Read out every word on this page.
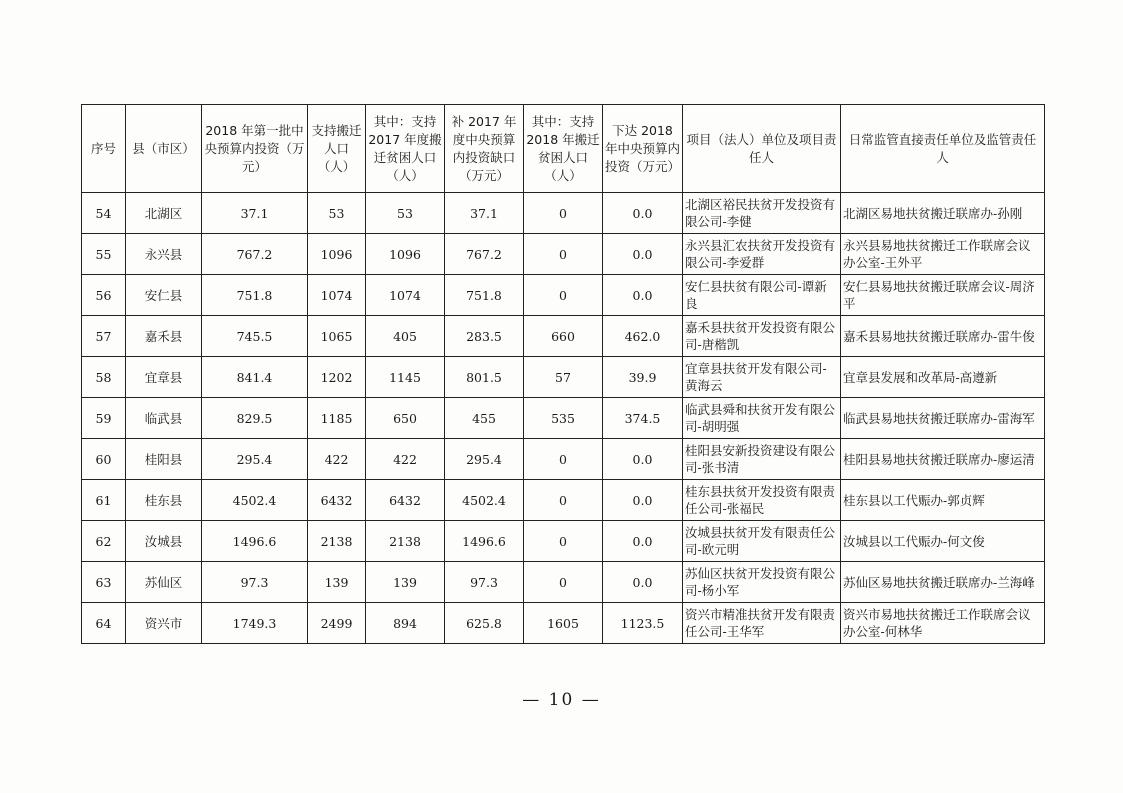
序号	县（市区）	2018 年第一批中央预算内投资（万元）	支持搬迁人口（人）	其中：支持2017 年度搬迁贫困人口（人）	补 2017 年度中央预算内投资缺口（万元）	其中：支持2018 年搬迁贫困人口（人）	下达 2018 年中央预算内投资（万元）	项目（法人）单位及项目责任人	日常监管直接责任单位及监管责任人
54	北湖区	37.1	53	53	37.1	0	0.0	北湖区裕民扶贫开发投资有限公司-李健	北湖区易地扶贫搬迁联席办-孙刚
55	永兴县	767.2	1096	1096	767.2	0	0.0	永兴县汇农扶贫开发投资有限公司-李爱群	永兴县易地扶贫搬迁工作联席会议办公室-王外平
56	安仁县	751.8	1074	1074	751.8	0	0.0	安仁县扶贫有限公司-谭新良	安仁县易地扶贫搬迁联席会议-周济平
57	嘉禾县	745.5	1065	405	283.5	660	462.0	嘉禾县扶贫开发投资有限公司-唐楷凯	嘉禾县易地扶贫搬迁联席办-雷牛俊
58	宜章县	841.4	1202	1145	801.5	57	39.9	宜章县扶贫开发有限公司-黄海云	宜章县发展和改革局-高遵新
59	临武县	829.5	1185	650	455	535	374.5	临武县舜和扶贫开发有限公司-胡明强	临武县易地扶贫搬迁联席办-雷海军
60	桂阳县	295.4	422	422	295.4	0	0.0	桂阳县安新投资建设有限公司-张书清	桂阳县易地扶贫搬迁联席办-廖运清
61	桂东县	4502.4	6432	6432	4502.4	0	0.0	桂东县扶贫开发投资有限责任公司-张福民	桂东县以工代赈办-郭贞辉
62	汝城县	1496.6	2138	2138	1496.6	0	0.0	汝城县扶贫开发有限责任公司-欧元明	汝城县以工代赈办-何文俊
63	苏仙区	97.3	139	139	97.3	0	0.0	苏仙区扶贫开发投资有限公司-杨小军	苏仙区易地扶贫搬迁联席办-兰海峰
64	资兴市	1749.3	2499	894	625.8	1605	1123.5	资兴市精准扶贫开发有限责任公司-王华军	资兴市易地扶贫搬迁工作联席会议办公室-何林华
— 10 —
